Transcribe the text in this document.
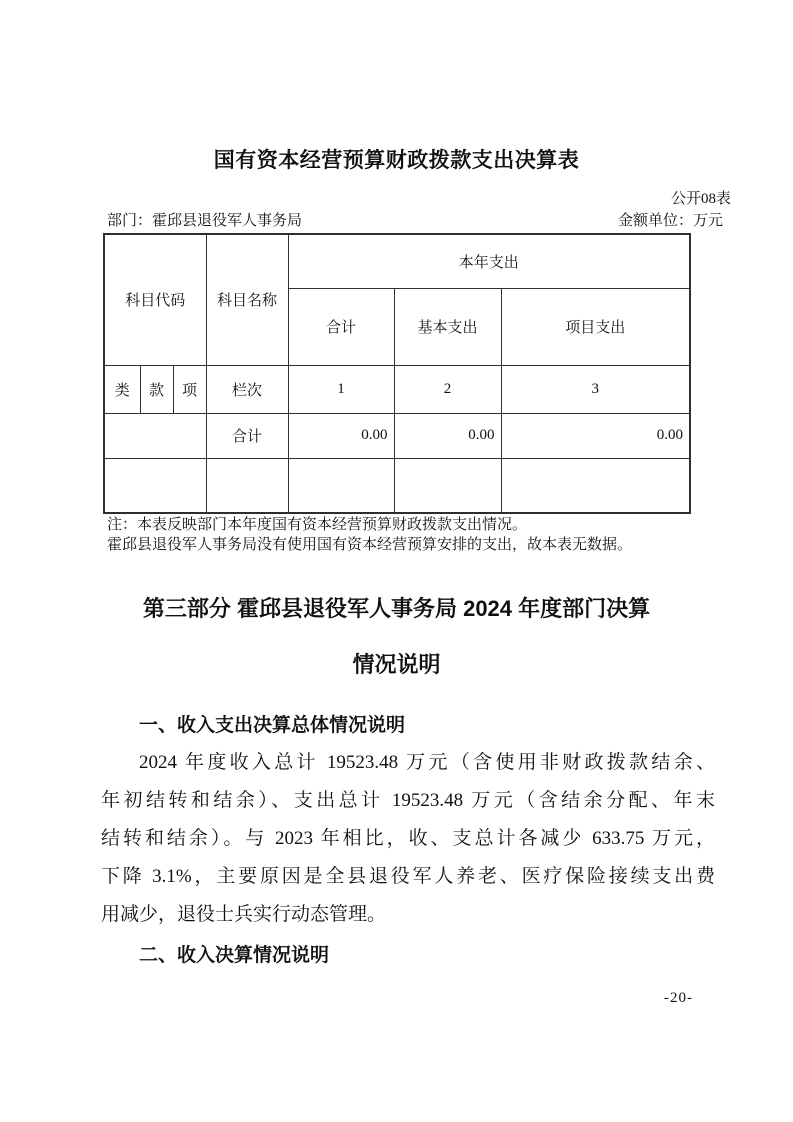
国有资本经营预算财政拨款支出决算表
公开08表
部门：霍邱县退役军人事务局	金额单位：万元
科目代码			科目名称	本年支出		
				合计	基本支出	项目支出
类	款	项	栏次	1	2	3
			合计	0.00	0.00	0.00

注：本表反映部门本年度国有资本经营预算财政拨款支出情况。
霍邱县退役军人事务局没有使用国有资本经营预算安排的支出，故本表无数据。
第三部分 霍邱县退役军人事务局 2024 年度部门决算
情况说明
一、收入支出决算总体情况说明
2024 年度收入总计 19523.48 万元（含使用非财政拨款结余、
年初结转和结余）、支出总计 19523.48 万元（含结余分配、年末
结转和结余）。与 2023 年相比，收、支总计各减少 633.75 万元，
下降 3.1%，主要原因是全县退役军人养老、医疗保险接续支出费
用减少，退役士兵实行动态管理。
二、收入决算情况说明
-20-
